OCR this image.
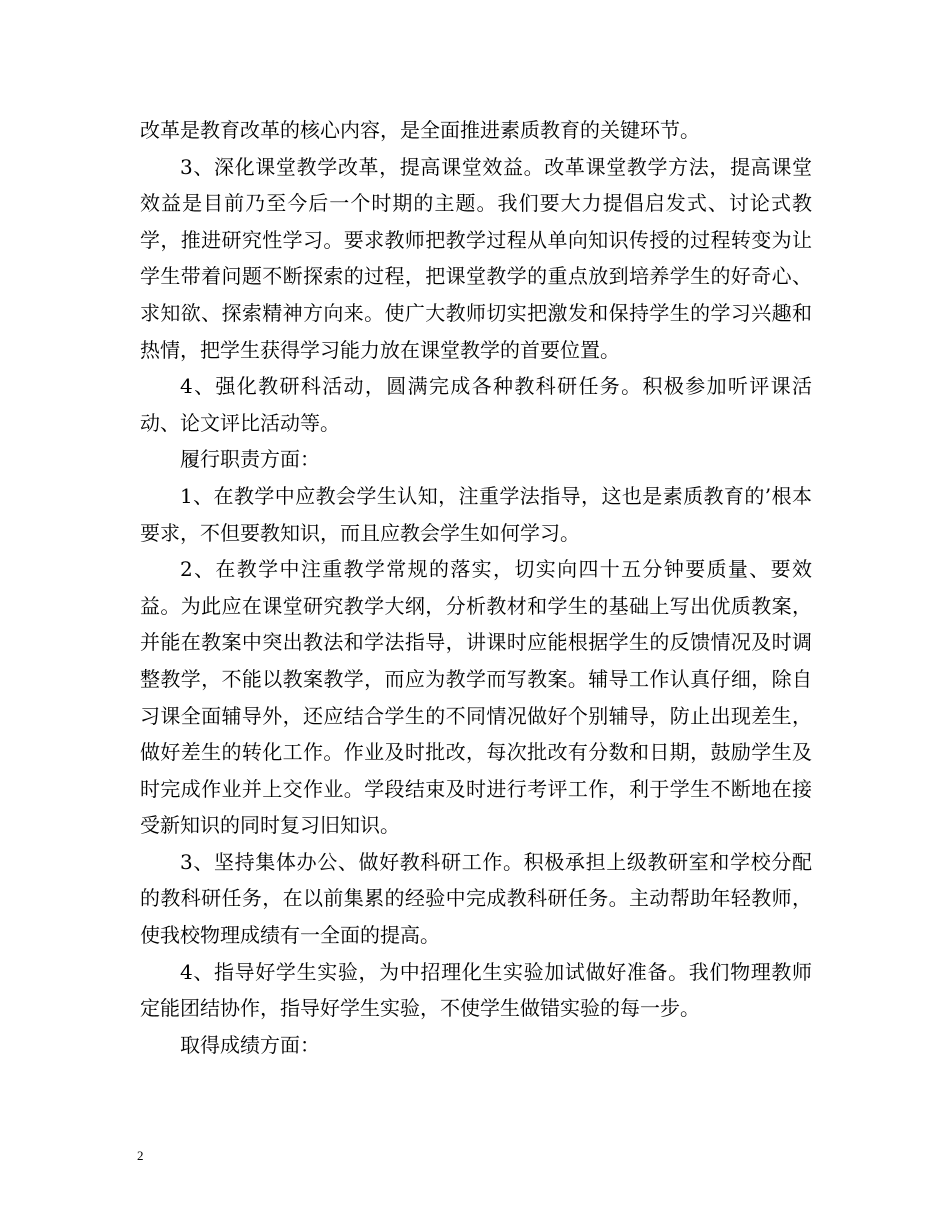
改革是教育改革的核心内容，是全面推进素质教育的关键环节。

3、深化课堂教学改革，提高课堂效益。改革课堂教学方法，提高课堂效益是目前乃至今后一个时期的主题。我们要大力提倡启发式、讨论式教学，推进研究性学习。要求教师把教学过程从单向知识传授的过程转变为让学生带着问题不断探索的过程，把课堂教学的重点放到培养学生的好奇心、求知欲、探索精神方向来。使广大教师切实把激发和保持学生的学习兴趣和热情，把学生获得学习能力放在课堂教学的首要位置。

4、强化教研科活动，圆满完成各种教科研任务。积极参加听评课活动、论文评比活动等。

履行职责方面：

1、在教学中应教会学生认知，注重学法指导，这也是素质教育的’根本要求，不但要教知识，而且应教会学生如何学习。

2、在教学中注重教学常规的落实，切实向四十五分钟要质量、要效益。为此应在课堂研究教学大纲，分析教材和学生的基础上写出优质教案，并能在教案中突出教法和学法指导，讲课时应能根据学生的反馈情况及时调整教学，不能以教案教学，而应为教学而写教案。辅导工作认真仔细，除自习课全面辅导外，还应结合学生的不同情况做好个别辅导，防止出现差生，做好差生的转化工作。作业及时批改，每次批改有分数和日期，鼓励学生及时完成作业并上交作业。学段结束及时进行考评工作，利于学生不断地在接受新知识的同时复习旧知识。

3、坚持集体办公、做好教科研工作。积极承担上级教研室和学校分配的教科研任务，在以前集累的经验中完成教科研任务。主动帮助年轻教师，使我校物理成绩有一全面的提高。

4、指导好学生实验，为中招理化生实验加试做好准备。我们物理教师定能团结协作，指导好学生实验，不使学生做错实验的每一步。

取得成绩方面：

2
